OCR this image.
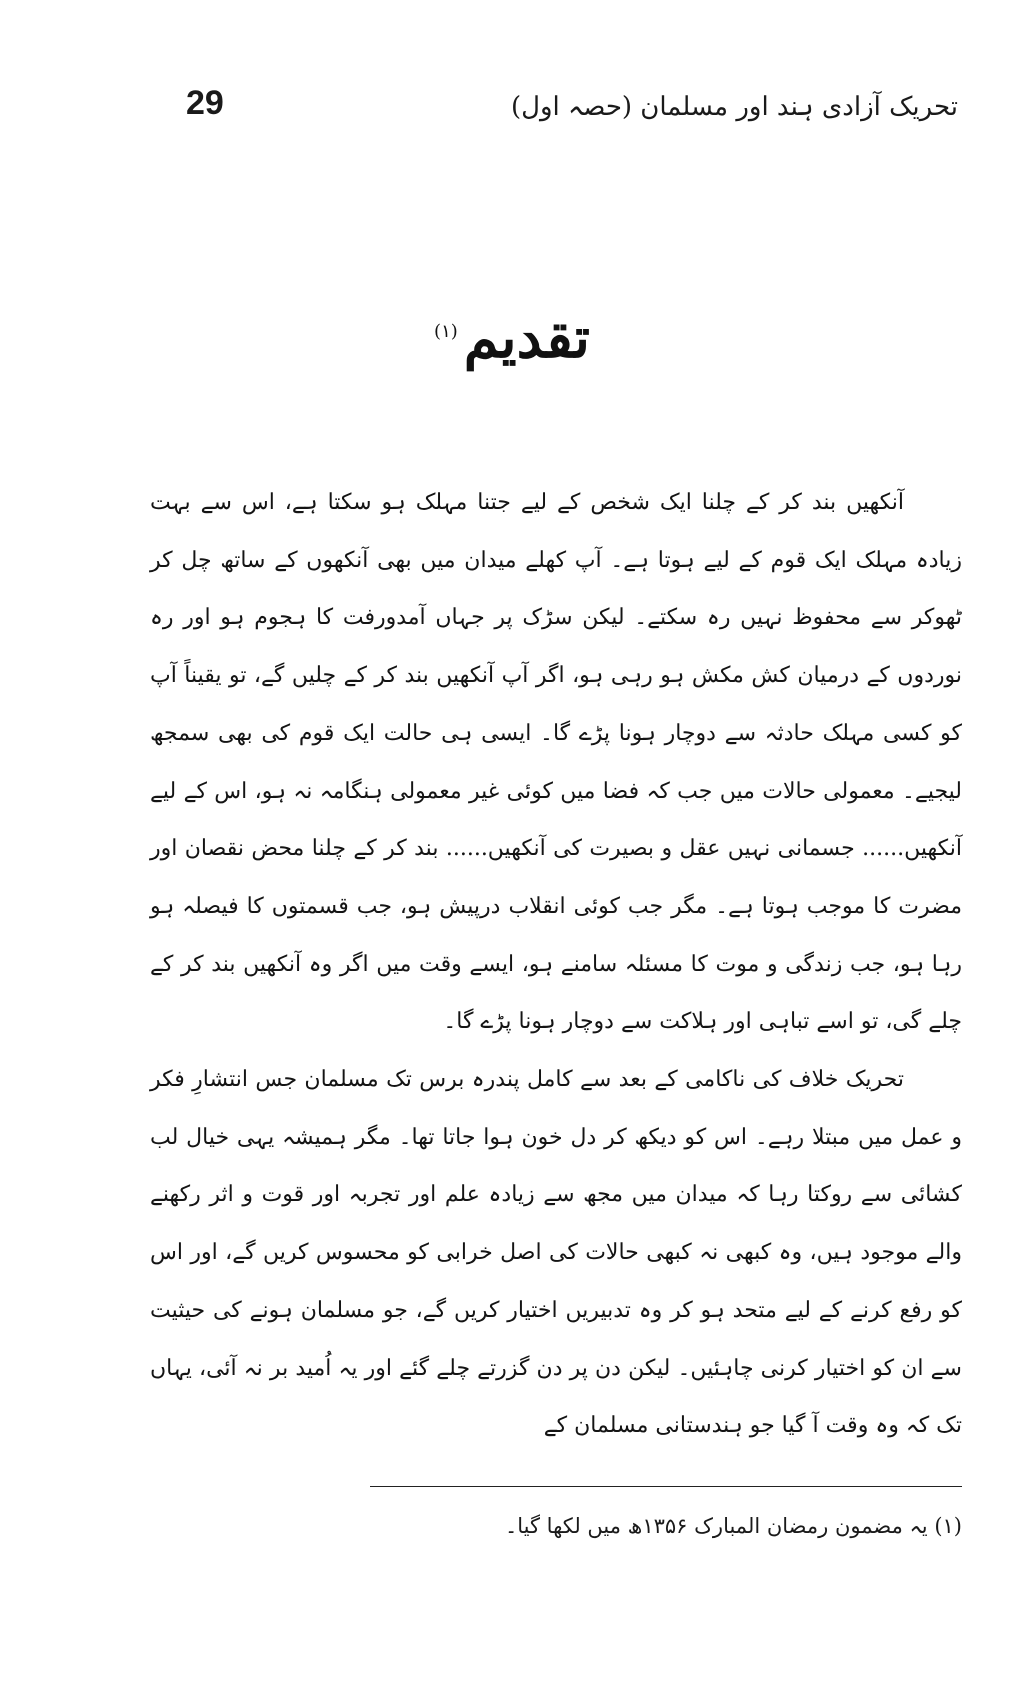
29	تحریک آزادی ہند اور مسلمان (حصہ اول)
تقدیم$^{(۱)}$

آنکھیں بند کر کے چلنا ایک شخص کے لیے جتنا مہلک ہو سکتا ہے، اس سے بہت زیادہ مہلک ایک قوم کے لیے ہوتا ہے۔ آپ کھلے میدان میں بھی آنکھوں کے ساتھ چل کر ٹھوکر سے محفوظ نہیں رہ سکتے۔ لیکن سڑک پر جہاں آمدورفت کا ہجوم ہو اور رہ نوردوں کے درمیان کش مکش ہو رہی ہو، اگر آپ آنکھیں بند کر کے چلیں گے، تو یقیناً آپ کو کسی مہلک حادثہ سے دوچار ہونا پڑے گا۔ ایسی ہی حالت ایک قوم کی بھی سمجھ لیجیے۔ معمولی حالات میں جب کہ فضا میں کوئی غیر معمولی ہنگامہ نہ ہو، اس کے لیے آنکھیں...... جسمانی نہیں عقل و بصیرت کی آنکھیں...... بند کر کے چلنا محض نقصان اور مضرت کا موجب ہوتا ہے۔ مگر جب کوئی انقلاب درپیش ہو، جب قسمتوں کا فیصلہ ہو رہا ہو، جب زندگی و موت کا مسئلہ سامنے ہو، ایسے وقت میں اگر وہ آنکھیں بند کر کے چلے گی، تو اسے تباہی اور ہلاکت سے دوچار ہونا پڑے گا۔

تحریک خلاف کی ناکامی کے بعد سے کامل پندرہ برس تک مسلمان جس انتشارِ فکر و عمل میں مبتلا رہے۔ اس کو دیکھ کر دل خون ہوا جاتا تھا۔ مگر ہمیشہ یہی خیال لب کشائی سے روکتا رہا کہ میدان میں مجھ سے زیادہ علم اور تجربہ اور قوت و اثر رکھنے والے موجود ہیں، وہ کبھی نہ کبھی حالات کی اصل خرابی کو محسوس کریں گے، اور اس کو رفع کرنے کے لیے متحد ہو کر وہ تدبیریں اختیار کریں گے، جو مسلمان ہونے کی حیثیت سے ان کو اختیار کرنی چاہئیں۔ لیکن دن پر دن گزرتے چلے گئے اور یہ اُمید بر نہ آئی، یہاں تک کہ وہ وقت آ گیا جو ہندستانی مسلمان کے

(۱) یہ مضمون رمضان المبارک ۱۳۵۶ھ میں لکھا گیا۔
